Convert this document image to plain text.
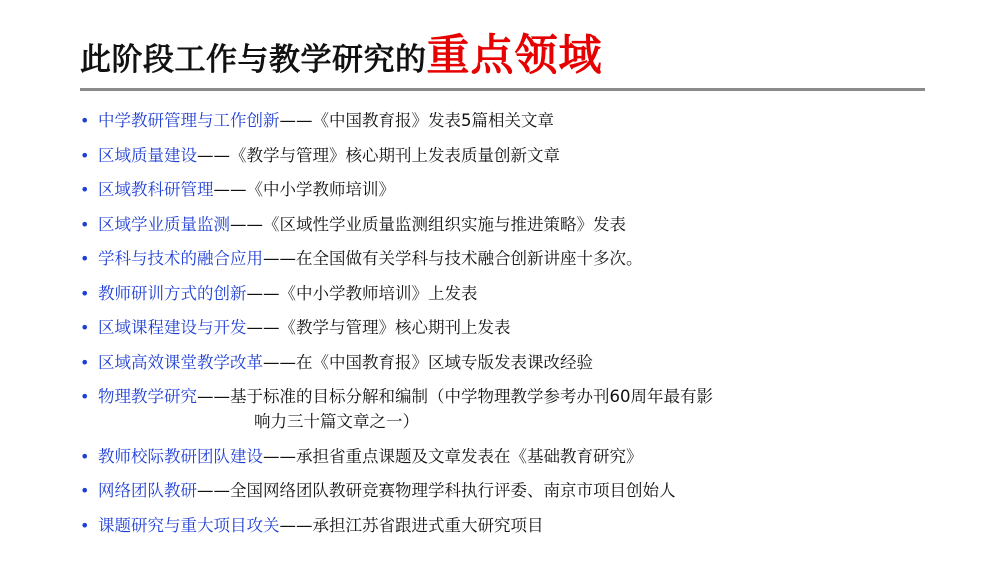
此阶段工作与教学研究的 重点领域
• 中学教研管理与工作创新——《中国教育报》发表5篇相关文章
• 区域质量建设——《教学与管理》核心期刊上发表质量创新文章
• 区域教科研管理——《中小学教师培训》
• 区域学业质量监测——《区域性学业质量监测组织实施与推进策略》发表
• 学科与技术的融合应用——在全国做有关学科与技术融合创新讲座十多次。
• 教师研训方式的创新——《中小学教师培训》上发表
• 区域课程建设与开发——《教学与管理》核心期刊上发表
• 区域高效课堂教学改革——在《中国教育报》区域专版发表课改经验
• 物理教学研究——基于标准的目标分解和编制（中学物理教学参考办刊60周年最有影
响力三十篇文章之一）
• 教师校际教研团队建设——承担省重点课题及文章发表在《基础教育研究》
• 网络团队教研——全国网络团队教研竞赛物理学科执行评委、南京市项目创始人
• 课题研究与重大项目攻关——承担江苏省跟进式重大研究项目
